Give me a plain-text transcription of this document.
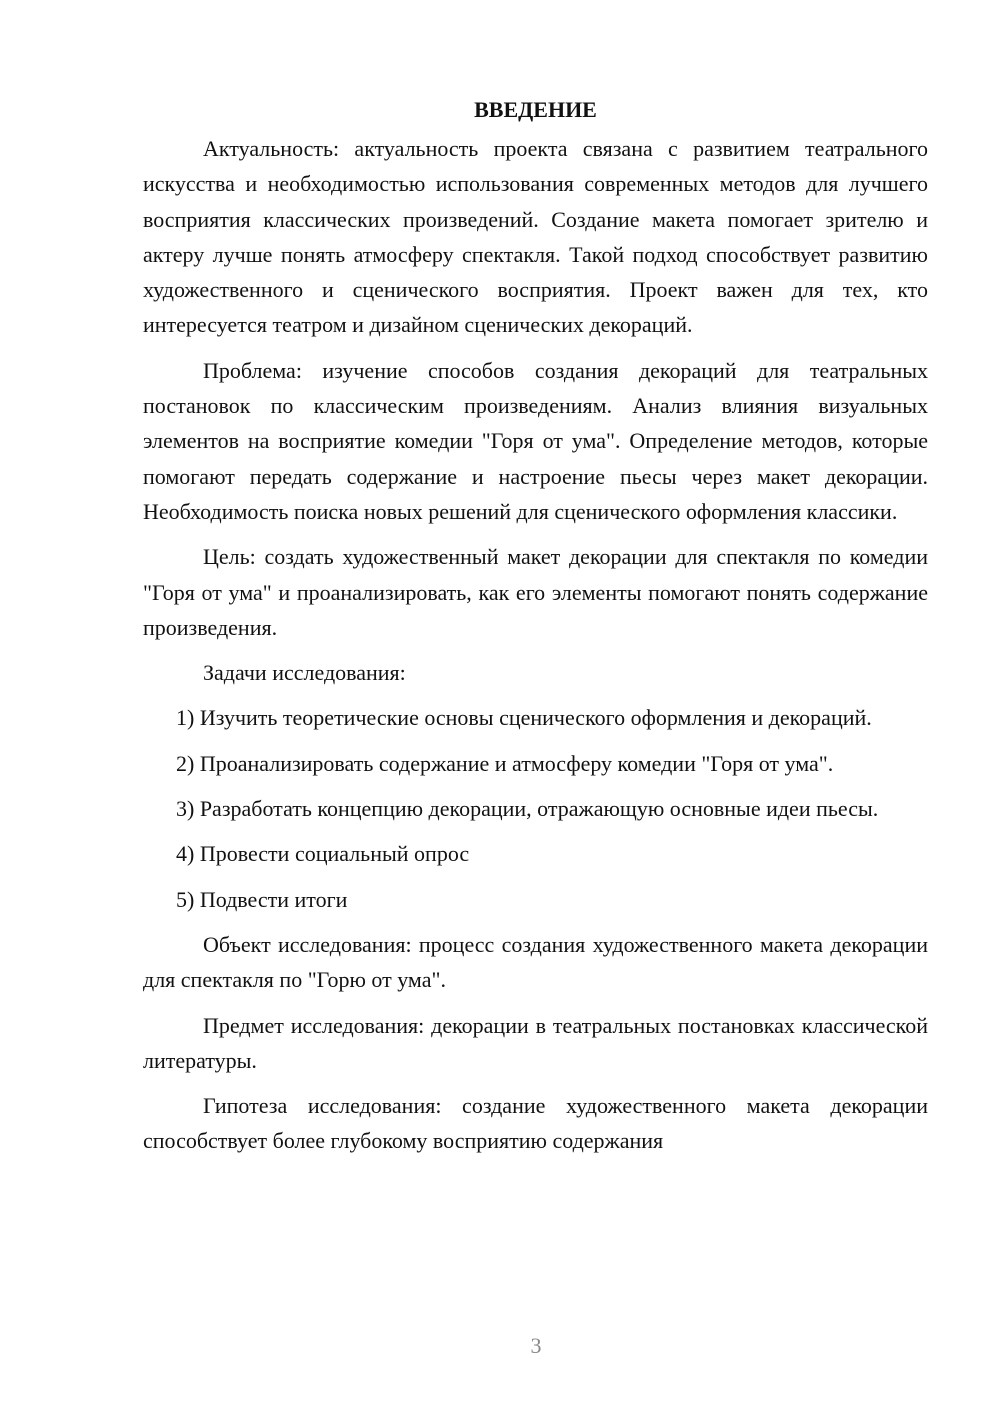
ВВЕДЕНИЕ

Актуальность: актуальность проекта связана с развитием театрального искусства и необходимостью использования современных методов для лучшего восприятия классических произведений. Создание макета помогает зрителю и актеру лучше понять атмосферу спектакля. Такой подход способствует развитию художественного и сценического восприятия. Проект важен для тех, кто интересуется театром и дизайном сценических декораций.

Проблема: изучение способов создания декораций для театральных постановок по классическим произведениям. Анализ влияния визуальных элементов на восприятие комедии "Горя от ума". Определение методов, которые помогают передать содержание и настроение пьесы через макет декорации. Необходимость поиска новых решений для сценического оформления классики.

Цель: создать художественный макет декорации для спектакля по комедии "Горя от ума" и проанализировать, как его элементы помогают понять содержание произведения.

Задачи исследования:

1) Изучить теоретические основы сценического оформления и декораций.

2) Проанализировать содержание и атмосферу комедии "Горя от ума".

3) Разработать концепцию декорации, отражающую основные идеи пьесы.

4) Провести социальный опрос

5) Подвести итоги

Объект исследования: процесс создания художественного макета декорации для спектакля по "Горю от ума".

Предмет исследования: декорации в театральных постановках классической литературы.

Гипотеза исследования: создание художественного макета декорации способствует более глубокому восприятию содержания

3
